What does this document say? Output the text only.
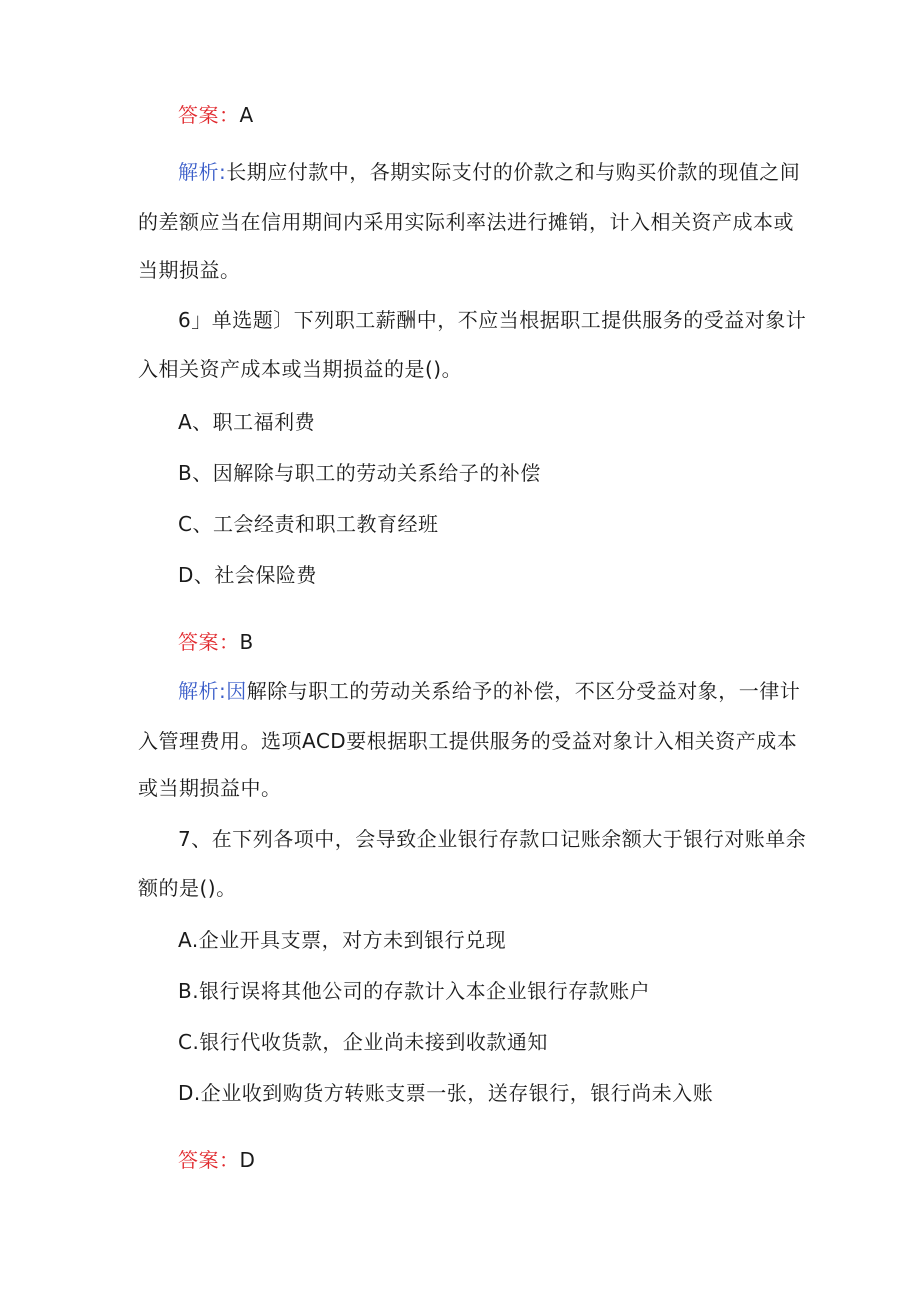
答案：A
解析:长期应付款中，各期实际支付的价款之和与购买价款的现值之间
的差额应当在信用期间内采用实际利率法进行摊销，计入相关资产成本或
当期损益。
6」单选题〕下列职工薪酬中，不应当根据职工提供服务的受益对象计
入相关资产成本或当期损益的是()。
A、职工福利费
B、因解除与职工的劳动关系给子的补偿
C、工会经责和职工教育经班
D、社会保险费
答案：B
解析:因解除与职工的劳动关系给予的补偿，不区分受益对象，一律计
入管理费用。选项ACD要根据职工提供服务的受益对象计入相关资产成本
或当期损益中。
7、在下列各项中，会导致企业银行存款口记账余额大于银行对账单余
额的是()。
A.企业开具支票，对方未到银行兑现
B.银行误将其他公司的存款计入本企业银行存款账户
C.银行代收货款，企业尚未接到收款通知
D.企业收到购货方转账支票一张，送存银行，银行尚未入账
答案：D
